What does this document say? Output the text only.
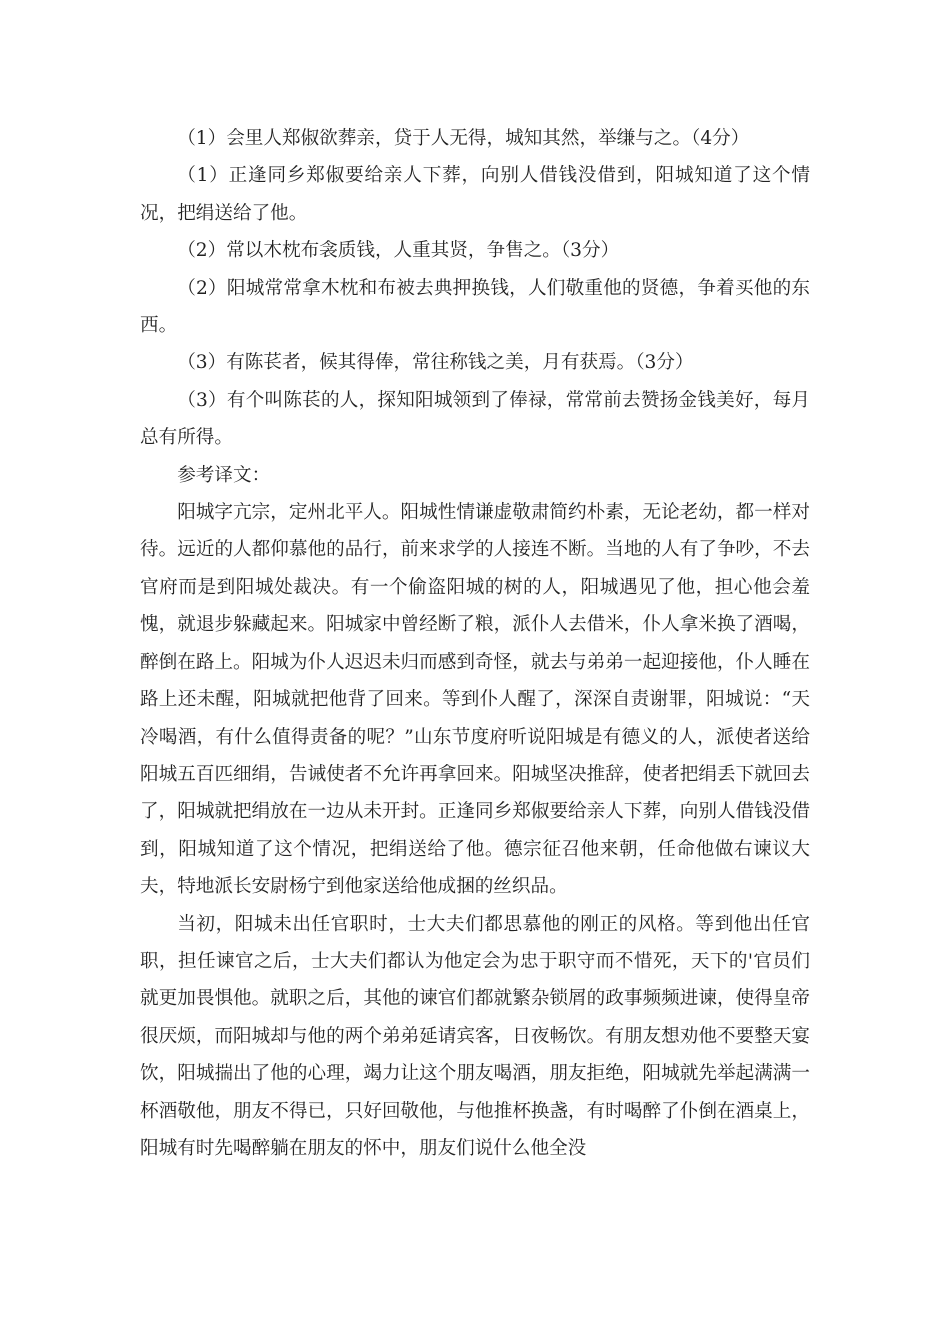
（1）会里人郑俶欲葬亲，贷于人无得，城知其然，举缣与之。（4分）

（1）正逢同乡郑俶要给亲人下葬，向别人借钱没借到，阳城知道了这个情况，把绢送给了他。

（2）常以木枕布衾质钱，人重其贤，争售之。（3分）

（2）阳城常常拿木枕和布被去典押换钱，人们敬重他的贤德，争着买他的东西。

（3）有陈苌者，候其得俸，常往称钱之美，月有获焉。（3分）

（3）有个叫陈苌的人，探知阳城领到了俸禄，常常前去赞扬金钱美好，每月总有所得。

参考译文：

阳城字亢宗，定州北平人。阳城性情谦虚敬肃简约朴素，无论老幼，都一样对待。远近的人都仰慕他的品行，前来求学的人接连不断。当地的人有了争吵，不去官府而是到阳城处裁决。有一个偷盗阳城的树的人，阳城遇见了他，担心他会羞愧，就退步躲藏起来。阳城家中曾经断了粮，派仆人去借米，仆人拿米换了酒喝，醉倒在路上。阳城为仆人迟迟未归而感到奇怪，就去与弟弟一起迎接他，仆人睡在路上还未醒，阳城就把他背了回来。等到仆人醒了，深深自责谢罪，阳城说：“天冷喝酒，有什么值得责备的呢？”山东节度府听说阳城是有德义的人，派使者送给阳城五百匹细绢，告诫使者不允许再拿回来。阳城坚决推辞，使者把绢丢下就回去了，阳城就把绢放在一边从未开封。正逢同乡郑俶要给亲人下葬，向别人借钱没借到，阳城知道了这个情况，把绢送给了他。德宗征召他来朝，任命他做右谏议大夫，特地派长安尉杨宁到他家送给他成捆的丝织品。

当初，阳城未出任官职时，士大夫们都思慕他的刚正的风格。等到他出任官职，担任谏官之后，士大夫们都认为他定会为忠于职守而不惜死，天下的'官员们就更加畏惧他。就职之后，其他的谏官们都就繁杂锁屑的政事频频进谏，使得皇帝很厌烦，而阳城却与他的两个弟弟延请宾客，日夜畅饮。有朋友想劝他不要整天宴饮，阳城揣出了他的心理，竭力让这个朋友喝酒，朋友拒绝，阳城就先举起满满一杯酒敬他，朋友不得已，只好回敬他，与他推杯换盏，有时喝醉了仆倒在酒桌上，阳城有时先喝醉躺在朋友的怀中，朋友们说什么他全没
